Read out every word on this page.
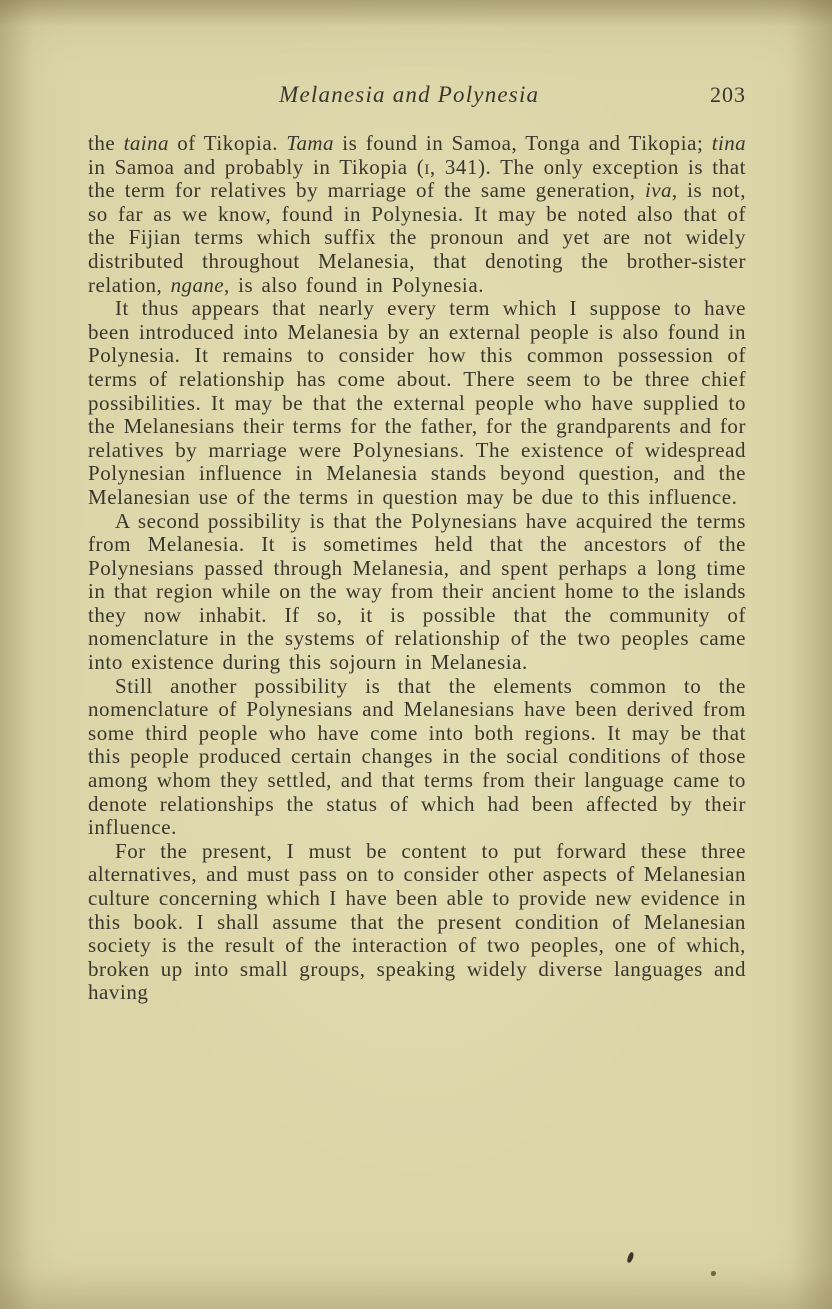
Melanesia and Polynesia	203

the taina of Tikopia. Tama is found in Samoa, Tonga and Tikopia; tina in Samoa and probably in Tikopia (i, 341). The only exception is that the term for relatives by marriage of the same generation, iva, is not, so far as we know, found in Polynesia. It may be noted also that of the Fijian terms which suffix the pronoun and yet are not widely distributed throughout Melanesia, that denoting the brother-sister relation, ngane, is also found in Polynesia.

It thus appears that nearly every term which I suppose to have been introduced into Melanesia by an external people is also found in Polynesia. It remains to consider how this common possession of terms of relationship has come about. There seem to be three chief possibilities. It may be that the external people who have supplied to the Melanesians their terms for the father, for the grandparents and for relatives by marriage were Polynesians. The existence of widespread Polynesian influence in Melanesia stands beyond question, and the Melanesian use of the terms in question may be due to this influence.

A second possibility is that the Polynesians have acquired the terms from Melanesia. It is sometimes held that the ancestors of the Polynesians passed through Melanesia, and spent perhaps a long time in that region while on the way from their ancient home to the islands they now inhabit. If so, it is possible that the community of nomenclature in the systems of relationship of the two peoples came into existence during this sojourn in Melanesia.

Still another possibility is that the elements common to the nomenclature of Polynesians and Melanesians have been derived from some third people who have come into both regions. It may be that this people produced certain changes in the social conditions of those among whom they settled, and that terms from their language came to denote relationships the status of which had been affected by their influence.

For the present, I must be content to put forward these three alternatives, and must pass on to consider other aspects of Melanesian culture concerning which I have been able to provide new evidence in this book. I shall assume that the present condition of Melanesian society is the result of the interaction of two peoples, one of which, broken up into small groups, speaking widely diverse languages and having
